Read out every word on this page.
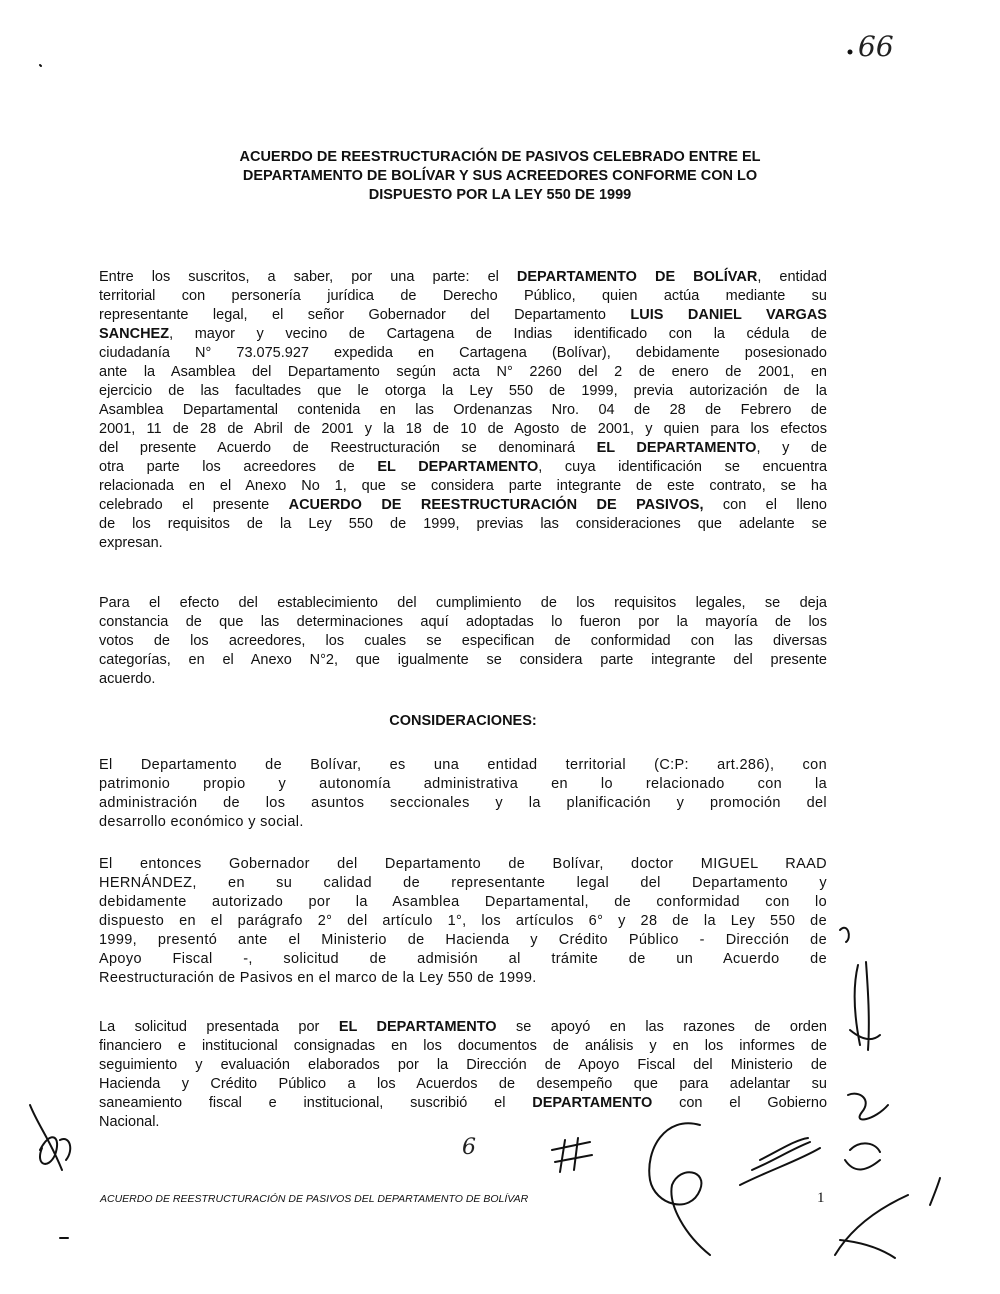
66
ACUERDO DE REESTRUCTURACIÓN DE PASIVOS CELEBRADO ENTRE EL
DEPARTAMENTO DE BOLÍVAR Y SUS ACREEDORES CONFORME CON LO
DISPUESTO POR LA LEY 550 DE 1999
Entre los suscritos, a saber, por una parte: el DEPARTAMENTO DE BOLÍVAR, entidad
territorial con personería jurídica de Derecho Público, quien actúa mediante su
representante legal, el señor Gobernador del Departamento LUIS DANIEL VARGAS
SANCHEZ, mayor y vecino de Cartagena de Indias identificado con la cédula de
ciudadanía N° 73.075.927 expedida en Cartagena (Bolívar), debidamente posesionado
ante la Asamblea del Departamento según acta N° 2260 del 2 de enero de 2001, en
ejercicio de las facultades que le otorga la Ley 550 de 1999, previa autorización de la
Asamblea Departamental contenida en las Ordenanzas Nro. 04 de 28 de Febrero de
2001, 11 de 28 de Abril de 2001 y la 18 de 10 de Agosto de 2001, y quien para los efectos
del presente Acuerdo de Reestructuración se denominará EL DEPARTAMENTO, y de
otra parte los acreedores de EL DEPARTAMENTO, cuya identificación se encuentra
relacionada en el Anexo No 1, que se considera parte integrante de este contrato, se ha
celebrado el presente ACUERDO DE REESTRUCTURACIÓN DE PASIVOS, con el lleno
de los requisitos de la Ley 550 de 1999, previas las consideraciones que adelante se
expresan.
Para el efecto del establecimiento del cumplimiento de los requisitos legales, se deja
constancia de que las determinaciones aquí adoptadas lo fueron por la mayoría de los
votos de los acreedores, los cuales se especifican de conformidad con las diversas
categorías, en el Anexo N°2, que igualmente se considera parte integrante del presente
acuerdo.
CONSIDERACIONES:
El Departamento de Bolívar, es una entidad territorial (C:P: art.286), con
patrimonio propio y autonomía administrativa en lo relacionado con la
administración de los asuntos seccionales y la planificación y promoción del
desarrollo económico y social.
El entonces Gobernador del Departamento de Bolívar, doctor MIGUEL RAAD
HERNÁNDEZ, en su calidad de representante legal del Departamento y
debidamente autorizado por la Asamblea Departamental, de conformidad con lo
dispuesto en el parágrafo 2° del artículo 1°, los artículos 6° y 28 de la Ley 550 de
1999, presentó ante el Ministerio de Hacienda y Crédito Público - Dirección de
Apoyo Fiscal -, solicitud de admisión al trámite de un Acuerdo de
Reestructuración de Pasivos en el marco de la Ley 550 de 1999.
La solicitud presentada por EL DEPARTAMENTO se apoyó en las razones de orden
financiero e institucional consignadas en los documentos de análisis y en los informes de
seguimiento y evaluación elaborados por la Dirección de Apoyo Fiscal del Ministerio de
Hacienda y Crédito Público a los Acuerdos de desempeño que para adelantar su
saneamiento fiscal e institucional, suscribió el DEPARTAMENTO con el Gobierno
Nacional.
6
ACUERDO DE REESTRUCTURACIÓN DE PASIVOS DEL DEPARTAMENTO DE BOLÍVAR	1
